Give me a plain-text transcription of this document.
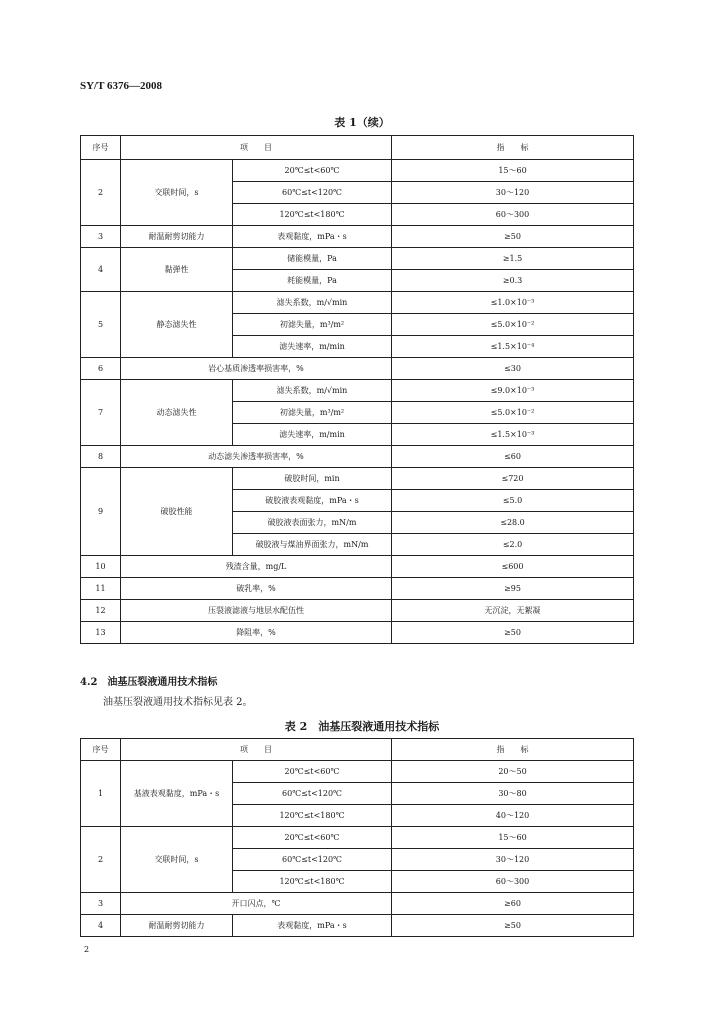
SY/T 6376—2008
表 1（续）
序号	项　　目		指　　标
2	交联时间，s	20℃≤t<60℃	15～60
		60℃≤t<120℃	30～120
		120℃≤t<180℃	60～300
3	耐温耐剪切能力	表观黏度，mPa・s	≥50
4	黏弹性	储能模量，Pa	≥1.5
		耗能模量，Pa	≥0.3
5	静态滤失性	滤失系数，m/√min	≤1.0×10⁻³
		初滤失量，m³/m²	≤5.0×10⁻²
		滤失速率，m/min	≤1.5×10⁻⁴
6	岩心基质渗透率损害率，%		≤30
7	动态滤失性	滤失系数，m/√min	≤9.0×10⁻³
		初滤失量，m³/m²	≤5.0×10⁻²
		滤失速率，m/min	≤1.5×10⁻³
8	动态滤失渗透率损害率，%		≤60
9	破胶性能	破胶时间，min	≤720
		破胶液表观黏度，mPa・s	≤5.0
		破胶液表面张力，mN/m	≤28.0
		破胶液与煤油界面张力，mN/m	≤2.0
10	残渣含量，mg/L		≤600
11	破乳率，%		≥95
12	压裂液滤液与地层水配伍性		无沉淀，无絮凝
13	降阻率，%		≥50
4.2　油基压裂液通用技术指标
油基压裂液通用技术指标见表 2。
表 2　油基压裂液通用技术指标
序号	项　　目		指　　标
1	基液表观黏度，mPa・s	20℃≤t<60℃	20～50
		60℃≤t<120℃	30～80
		120℃≤t<180℃	40～120
2	交联时间，s	20℃≤t<60℃	15～60
		60℃≤t<120℃	30～120
		120℃≤t<180℃	60～300
3	开口闪点，℃		≥60
4	耐温耐剪切能力	表观黏度，mPa・s	≥50
2
